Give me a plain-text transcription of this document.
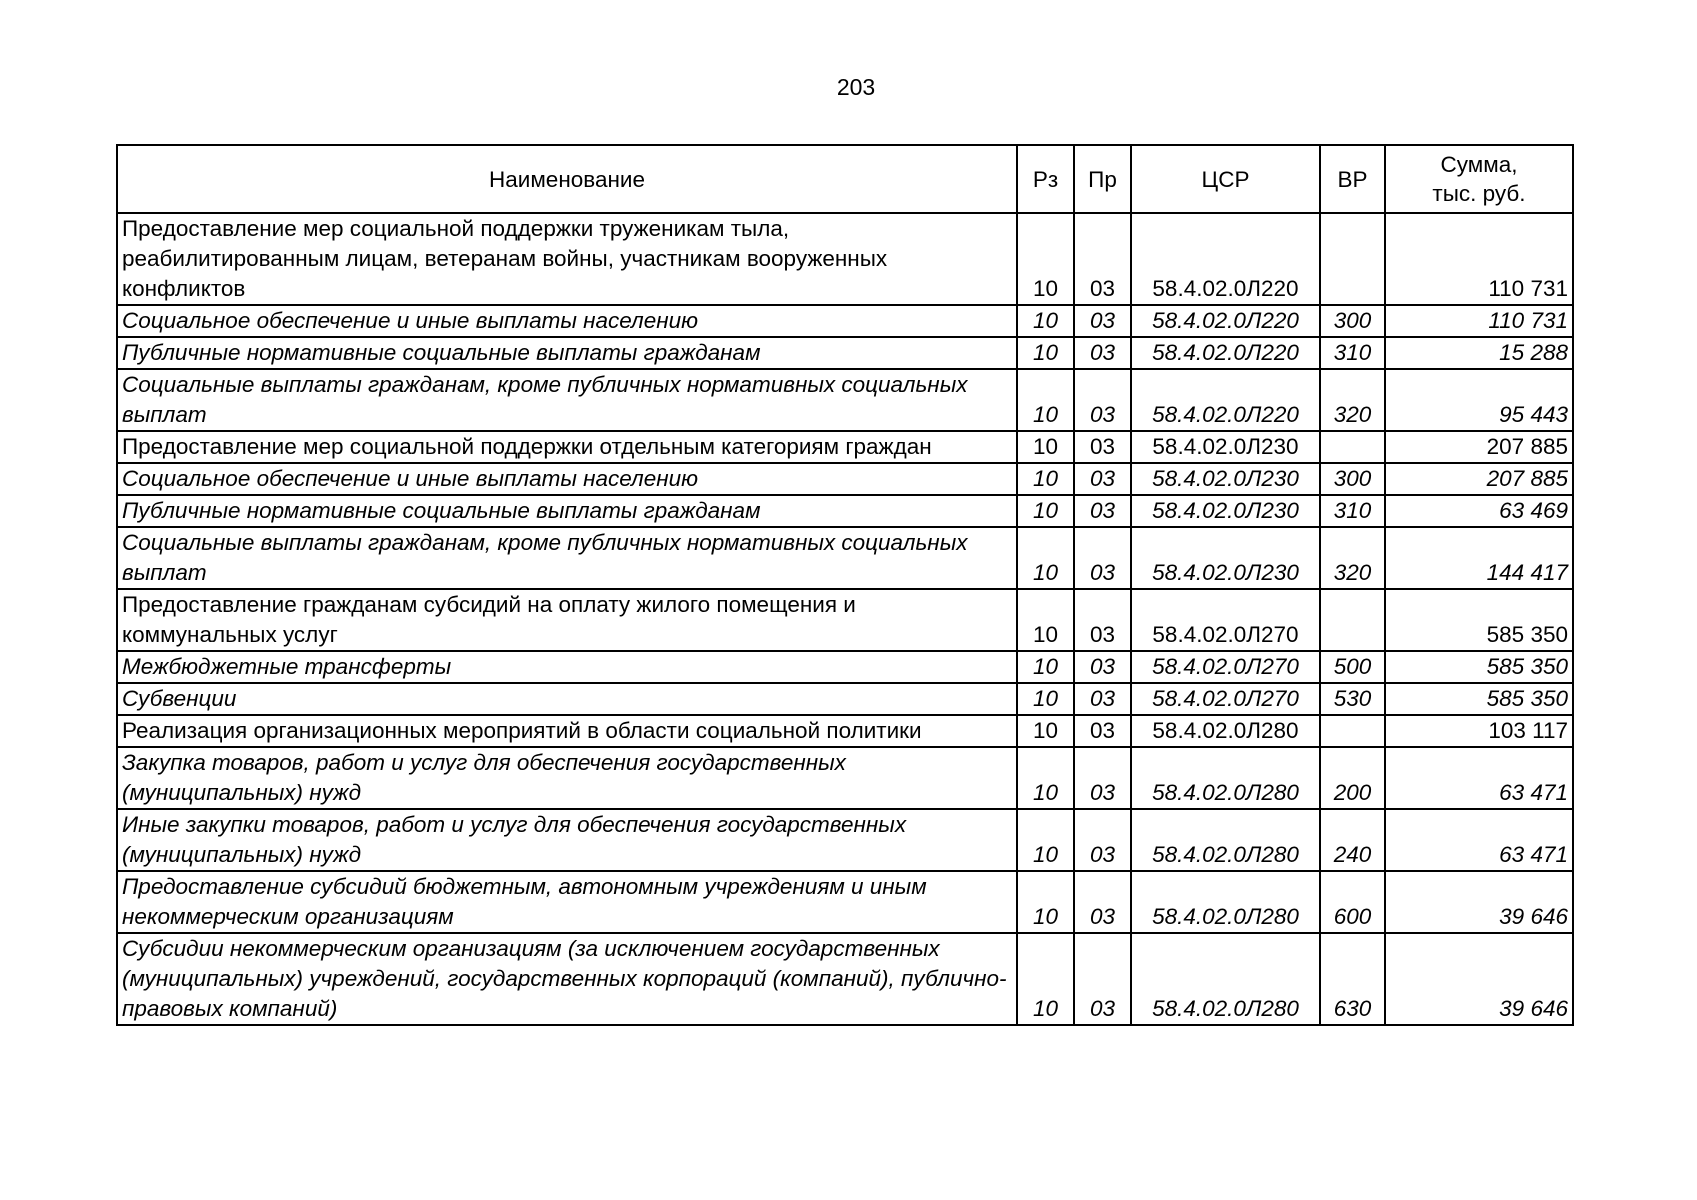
203
Наименование	Рз	Пр	ЦСР	ВР	Сумма,
тыс. руб.
Предоставление мер социальной поддержки труженикам тыла, реабилитированным лицам, ветеранам войны, участникам вооруженных конфликтов	10	03	58.4.02.0Л220		110 731
Социальное обеспечение и иные выплаты населению	10	03	58.4.02.0Л220	300	110 731
Публичные нормативные социальные выплаты гражданам	10	03	58.4.02.0Л220	310	15 288
Социальные выплаты гражданам, кроме публичных нормативных социальных выплат	10	03	58.4.02.0Л220	320	95 443
Предоставление мер социальной поддержки отдельным категориям граждан	10	03	58.4.02.0Л230		207 885
Социальное обеспечение и иные выплаты населению	10	03	58.4.02.0Л230	300	207 885
Публичные нормативные социальные выплаты гражданам	10	03	58.4.02.0Л230	310	63 469
Социальные выплаты гражданам, кроме публичных нормативных социальных выплат	10	03	58.4.02.0Л230	320	144 417
Предоставление гражданам субсидий на оплату жилого помещения и коммунальных услуг	10	03	58.4.02.0Л270		585 350
Межбюджетные трансферты	10	03	58.4.02.0Л270	500	585 350
Субвенции	10	03	58.4.02.0Л270	530	585 350
Реализация организационных мероприятий в области социальной политики	10	03	58.4.02.0Л280		103 117
Закупка товаров, работ и услуг для обеспечения государственных (муниципальных) нужд	10	03	58.4.02.0Л280	200	63 471
Иные закупки товаров, работ и услуг для обеспечения государственных (муниципальных) нужд	10	03	58.4.02.0Л280	240	63 471
Предоставление субсидий бюджетным, автономным учреждениям и иным некоммерческим организациям	10	03	58.4.02.0Л280	600	39 646
Субсидии некоммерческим организациям (за исключением государственных (муниципальных) учреждений, государственных корпораций (компаний), публично-правовых компаний)	10	03	58.4.02.0Л280	630	39 646
